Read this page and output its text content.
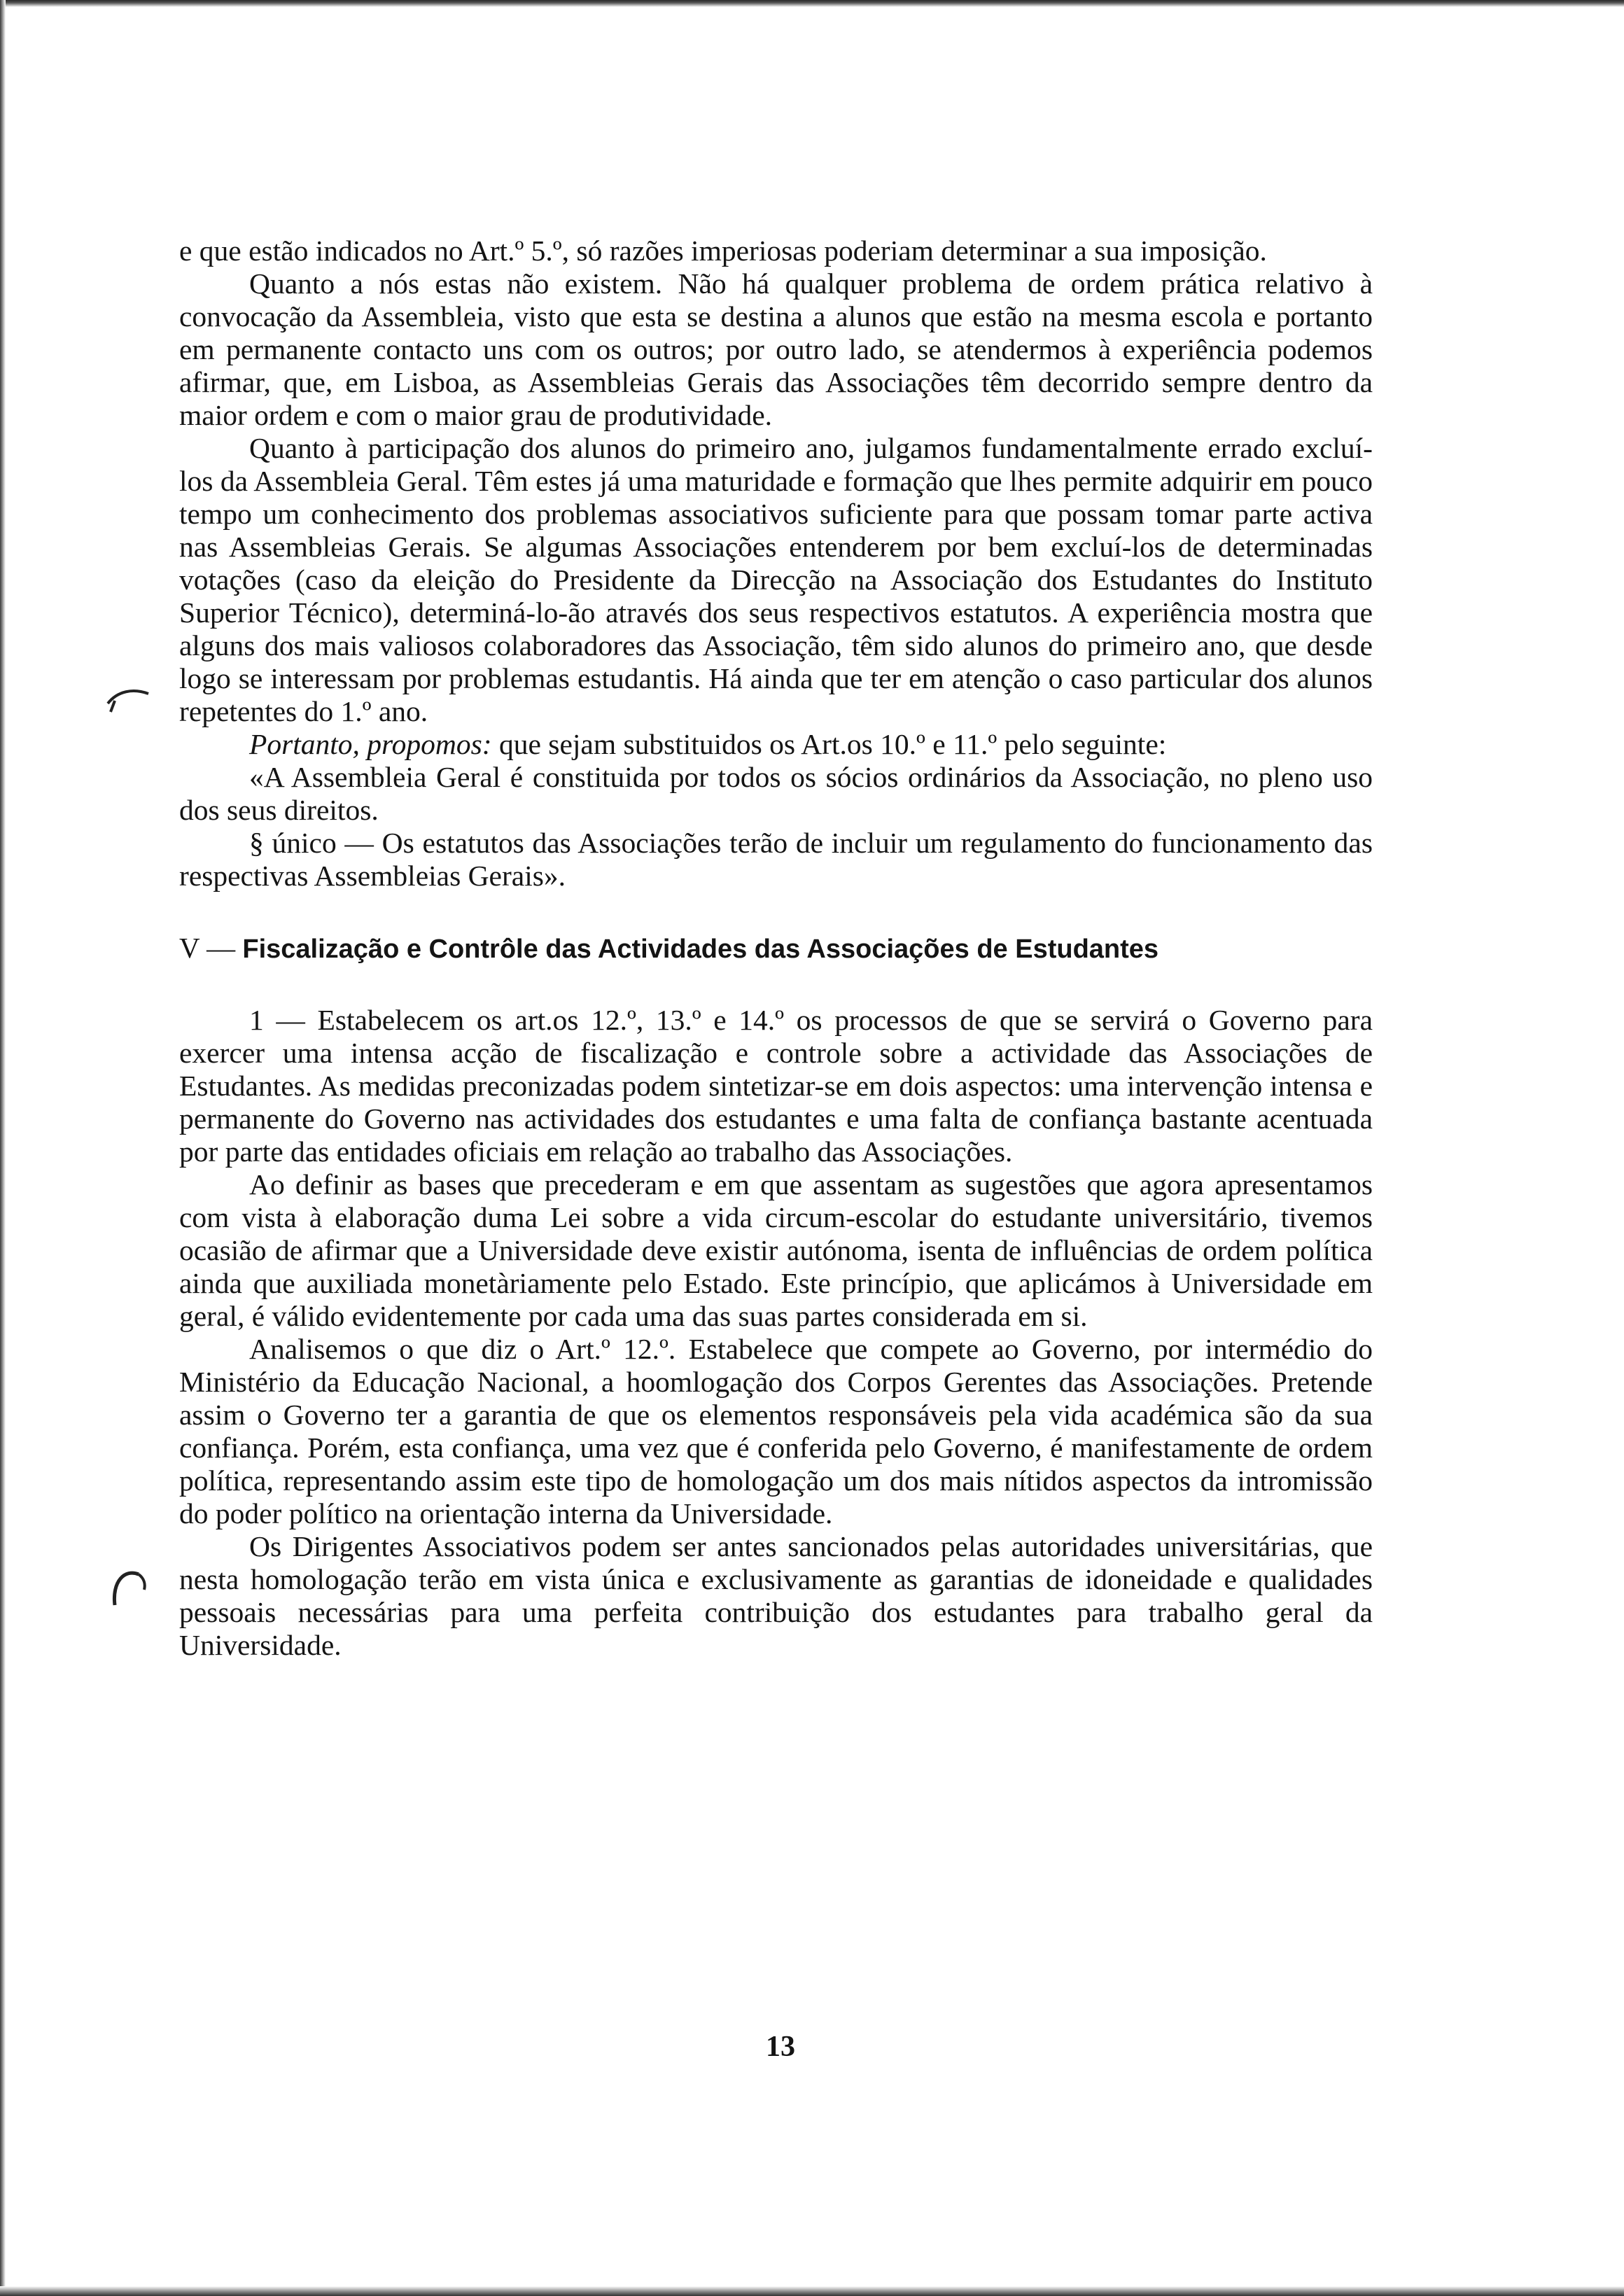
e que estão indicados no Art.º 5.º, só razões imperiosas poderiam determinar a sua imposição.

Quanto a nós estas não existem. Não há qualquer problema de ordem prática relativo à convocação da Assembleia, visto que esta se destina a alunos que estão na mesma escola e portanto em permanente contacto uns com os outros; por outro lado, se atendermos à experiência podemos afirmar, que, em Lisboa, as Assembleias Gerais das Associações têm decorrido sempre dentro da maior ordem e com o maior grau de produtividade.

Quanto à participação dos alunos do primeiro ano, julgamos fundamentalmente errado excluí-los da Assembleia Geral. Têm estes já uma maturidade e formação que lhes permite adquirir em pouco tempo um conhecimento dos problemas associativos suficiente para que possam tomar parte activa nas Assembleias Gerais. Se algumas Associações entenderem por bem excluí-los de determinadas votações (caso da eleição do Presidente da Direcção na Associação dos Estudantes do Instituto Superior Técnico), determiná-lo-ão através dos seus respectivos estatutos. A experiência mostra que alguns dos mais valiosos colaboradores das Associação, têm sido alunos do primeiro ano, que desde logo se interessam por problemas estudantis. Há ainda que ter em atenção o caso particular dos alunos repetentes do 1.º ano.

Portanto, propomos: que sejam substituidos os Art.os 10.º e 11.º pelo seguinte:

«A Assembleia Geral é constituida por todos os sócios ordinários da Associação, no pleno uso dos seus direitos.

§ único — Os estatutos das Associações terão de incluir um regulamento do funcionamento das respectivas Assembleias Gerais».

V — Fiscalização e Contrôle das Actividades das Associações de Estudantes

1 — Estabelecem os art.os 12.º, 13.º e 14.º os processos de que se servirá o Governo para exercer uma intensa acção de fiscalização e controle sobre a actividade das Associações de Estudantes. As medidas preconizadas podem sintetizar-se em dois aspectos: uma intervenção intensa e permanente do Governo nas actividades dos estudantes e uma falta de confiança bastante acentuada por parte das entidades oficiais em relação ao trabalho das Associações.

Ao definir as bases que precederam e em que assentam as sugestões que agora apresentamos com vista à elaboração duma Lei sobre a vida circum-escolar do estudante universitário, tivemos ocasião de afirmar que a Universidade deve existir autónoma, isenta de influências de ordem política ainda que auxiliada monetàriamente pelo Estado. Este princípio, que aplicámos à Universidade em geral, é válido evidentemente por cada uma das suas partes considerada em si.

Analisemos o que diz o Art.º 12.º. Estabelece que compete ao Governo, por intermédio do Ministério da Educação Nacional, a hoomlogação dos Corpos Gerentes das Associações. Pretende assim o Governo ter a garantia de que os elementos responsáveis pela vida académica são da sua confiança. Porém, esta confiança, uma vez que é conferida pelo Governo, é manifestamente de ordem política, representando assim este tipo de homologação um dos mais nítidos aspectos da intromissão do poder político na orientação interna da Universidade.

Os Dirigentes Associativos podem ser antes sancionados pelas autoridades universitárias, que nesta homologação terão em vista única e exclusivamente as garantias de idoneidade e qualidades pessoais necessárias para uma perfeita contribuição dos estudantes para trabalho geral da Universidade.

13
